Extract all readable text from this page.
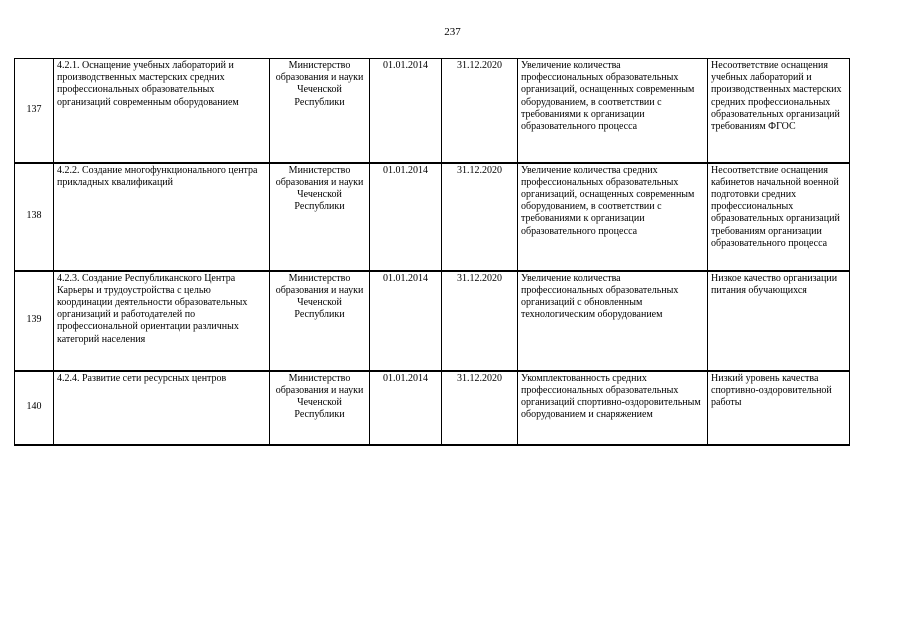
237
137	4.2.1. Оснащение учебных лабораторий и производственных мастерских средних профессиональных образовательных организаций современным оборудованием	Министерство образования и науки Чеченской Республики	01.01.2014	31.12.2020	Увеличение количества профессиональных образовательных организаций, оснащенных современным оборудованием, в соответствии с требованиями к организации образовательного процесса	Несоответствие оснащения учебных лабораторий и производственных мастерских средних профессиональных образовательных организаций требованиям ФГОС
138	4.2.2. Создание многофункционального центра прикладных квалификаций	Министерство образования и науки Чеченской Республики	01.01.2014	31.12.2020	Увеличение количества средних профессиональных образовательных организаций, оснащенных современным оборудованием, в соответствии с требованиями к организации образовательного процесса	Несоответствие оснащения кабинетов начальной военной подготовки средних профессиональных образовательных организаций требованиям организации образовательного процесса
139	4.2.3. Создание Республиканского Центра Карьеры и трудоустройства с целью координации деятельности образовательных организаций и работодателей по профессиональной ориентации различных категорий населения	Министерство образования и науки Чеченской Республики	01.01.2014	31.12.2020	Увеличение количества профессиональных образовательных организаций с обновленным технологическим оборудованием	Низкое качество организации питания обучающихся
140	4.2.4. Развитие сети ресурсных центров	Министерство образования и науки Чеченской Республики	01.01.2014	31.12.2020	Укомплектованность средних профессиональных образовательных организаций спортивно-оздоровительным оборудованием и снаряжением	Низкий уровень качества спортивно-оздоровительной работы
